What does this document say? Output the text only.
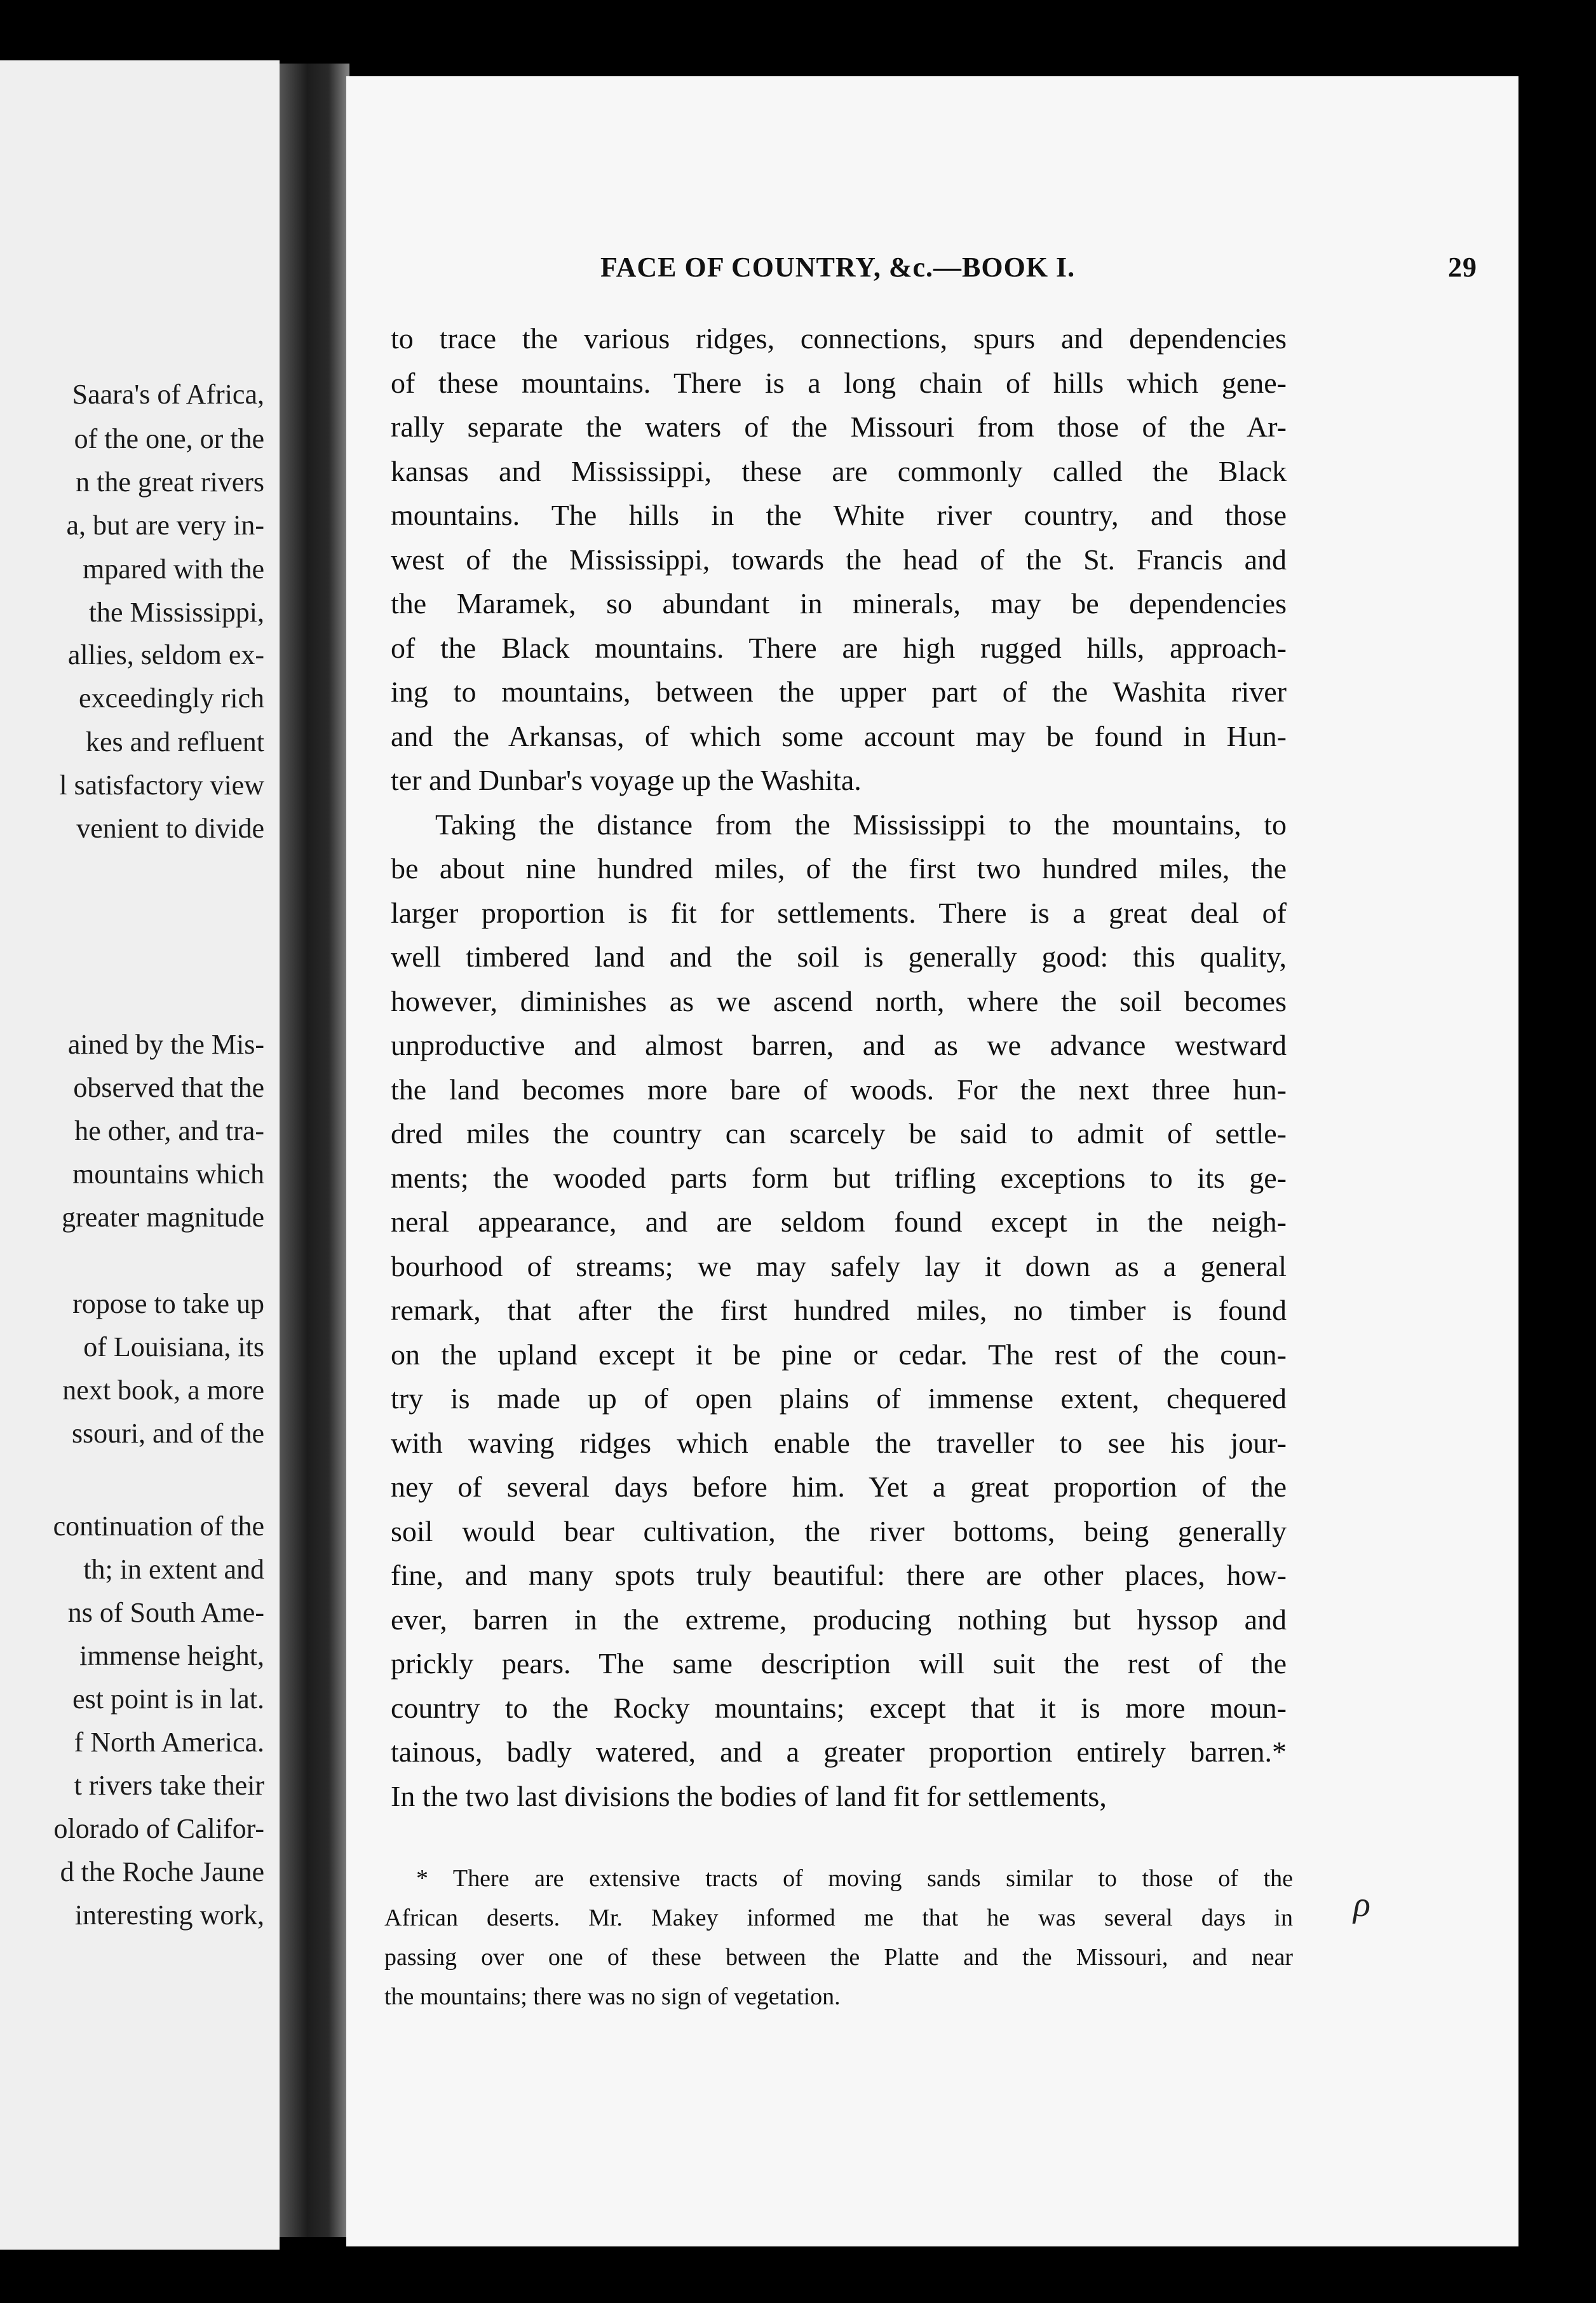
Saara's of Africa,
of the one, or the
n the great rivers
a, but are very in-
mpared with the
the Mississippi,
allies, seldom ex-
exceedingly rich
kes and refluent
l satisfactory view
venient to divide
ained by the Mis-
observed that the
he other, and tra-
mountains which
greater magnitude
ropose to take up
of Louisiana, its
next book, a more
ssouri, and of the
continuation of the
th; in extent and
ns of South Ame-
immense height,
est point is in lat.
f North America.
t rivers take their
olorado of Califor-
d the Roche Jaune
interesting work,
FACE OF COUNTRY, &c.—BOOK I.	29
to trace the various ridges, connections, spurs and dependencies
of these mountains. There is a long chain of hills which gene-
rally separate the waters of the Missouri from those of the Ar-
kansas and Mississippi, these are commonly called the Black
mountains. The hills in the White river country, and those
west of the Mississippi, towards the head of the St. Francis and
the Maramek, so abundant in minerals, may be dependencies
of the Black mountains. There are high rugged hills, approach-
ing to mountains, between the upper part of the Washita river
and the Arkansas, of which some account may be found in Hun-
ter and Dunbar's voyage up the Washita.
Taking the distance from the Mississippi to the mountains, to
be about nine hundred miles, of the first two hundred miles, the
larger proportion is fit for settlements. There is a great deal of
well timbered land and the soil is generally good: this quality,
however, diminishes as we ascend north, where the soil becomes
unproductive and almost barren, and as we advance westward
the land becomes more bare of woods. For the next three hun-
dred miles the country can scarcely be said to admit of settle-
ments; the wooded parts form but trifling exceptions to its ge-
neral appearance, and are seldom found except in the neigh-
bourhood of streams; we may safely lay it down as a general
remark, that after the first hundred miles, no timber is found
on the upland except it be pine or cedar. The rest of the coun-
try is made up of open plains of immense extent, chequered
with waving ridges which enable the traveller to see his jour-
ney of several days before him. Yet a great proportion of the
soil would bear cultivation, the river bottoms, being generally
fine, and many spots truly beautiful: there are other places, how-
ever, barren in the extreme, producing nothing but hyssop and
prickly pears. The same description will suit the rest of the
country to the Rocky mountains; except that it is more moun-
tainous, badly watered, and a greater proportion entirely barren.*
In the two last divisions the bodies of land fit for settlements,
* There are extensive tracts of moving sands similar to those of the
African deserts. Mr. Makey informed me that he was several days in
passing over one of these between the Platte and the Missouri, and near
the mountains; there was no sign of vegetation.
ρ
